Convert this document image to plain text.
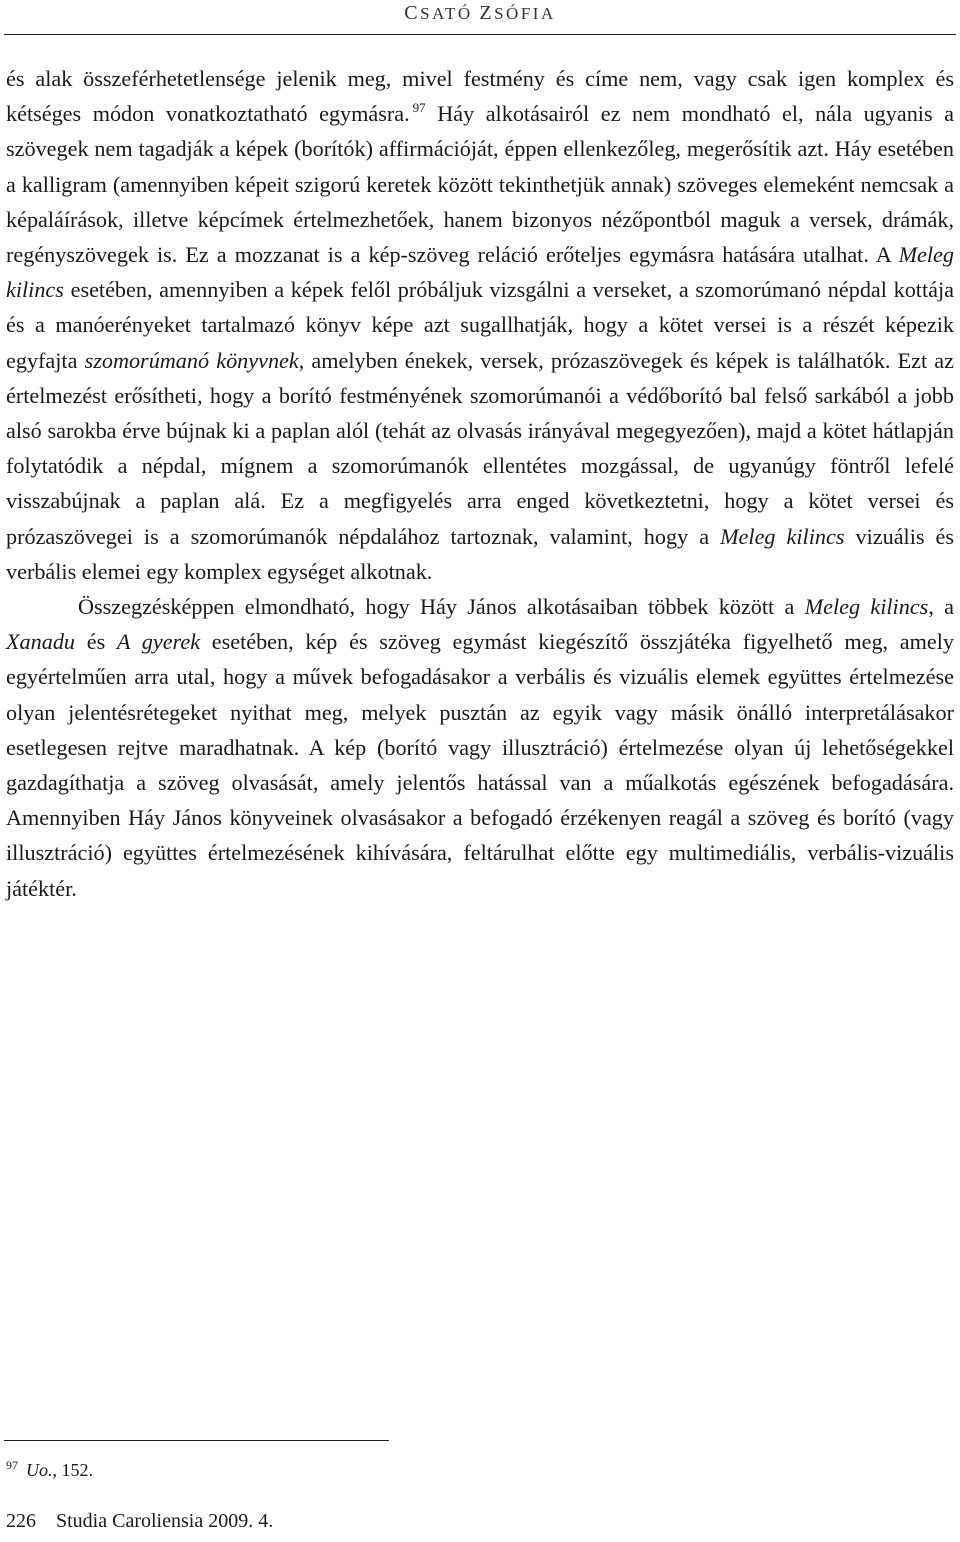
CSATÓ ZSÓFIA

és alak összeférhetetlensége jelenik meg, mivel festmény és címe nem, vagy csak igen komplex és kétséges módon vonatkoztatható egymásra. $^{97}$ Háy alkotásairól ez nem mondható el, nála ugyanis a szövegek nem tagadják a képek (borítók) affirmációját, éppen ellenkezőleg, megerősítik azt. Háy esetében a kalligram (amennyiben képeit szigorú keretek között tekinthetjük annak) szöveges elemeként nemcsak a képaláírások, illetve képcímek értelmezhetőek, hanem bizonyos nézőpontból maguk a versek, drámák, regényszövegek is. Ez a mozzanat is a kép-szöveg reláció erőteljes egymásra hatására utalhat. A Meleg kilincs esetében, amennyiben a képek felől próbáljuk vizsgálni a verseket, a szomorúmanó népdal kottája és a manóerényeket tartalmazó könyv képe azt sugallhatják, hogy a kötet versei is a részét képezik egyfajta szomorúmanó könyvnek, amelyben énekek, versek, prózaszövegek és képek is találhatók. Ezt az értelmezést erősítheti, hogy a borító festményének szomorúmanói a védőborító bal felső sarkából a jobb alsó sarokba érve bújnak ki a paplan alól (tehát az olvasás irányával megegyezően), majd a kötet hátlapján folytatódik a népdal, mígnem a szomorúmanók ellentétes mozgással, de ugyanúgy föntről lefelé visszabújnak a paplan alá. Ez a megfigyelés arra enged következtetni, hogy a kötet versei és prózaszövegei is a szomorúmanók népdalához tartoznak, valamint, hogy a Meleg kilincs vizuális és verbális elemei egy komplex egységet alkotnak.

Összegzésképpen elmondható, hogy Háy János alkotásaiban többek között a Meleg kilincs, a Xanadu és A gyerek esetében, kép és szöveg egymást kiegészítő összjátéka figyelhető meg, amely egyértelműen arra utal, hogy a művek befogadásakor a verbális és vizuális elemek együttes értelmezése olyan jelentésrétegeket nyithat meg, melyek pusztán az egyik vagy másik önálló interpretálásakor esetlegesen rejtve maradhatnak. A kép (borító vagy illusztráció) értelmezése olyan új lehetőségekkel gazdagíthatja a szöveg olvasását, amely jelentős hatással van a műalkotás egészének befogadására. Amennyiben Háy János könyveinek olvasásakor a befogadó érzékenyen reagál a szöveg és borító (vagy illusztráció) együttes értelmezésének kihívására, feltárulhat előtte egy multimediális, verbális-vizuális játéktér.

$^{97}$ Uo., 152.
226 Studia Caroliensia 2009. 4.
